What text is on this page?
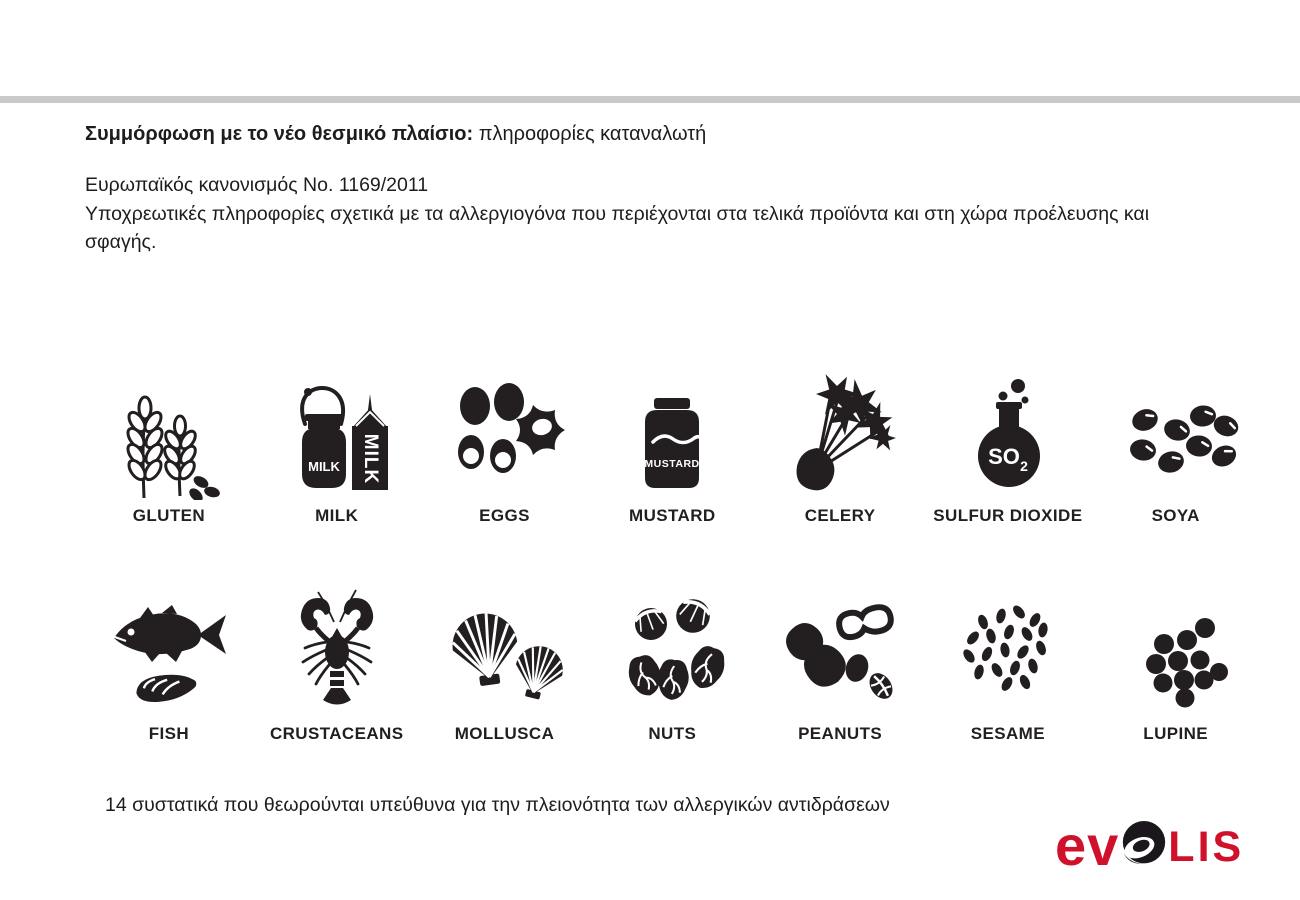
Συμμόρφωση με το νέο θεσμικό πλαίσιο: πληροφορίες καταναλωτή
Ευρωπαϊκός κανονισμός No. 1169/2011
Υποχρεωτικές πληροφορίες σχετικά με τα αλλεργιογόνα που περιέχονται στα τελικά προϊόντα και στη χώρα προέλευσης και σφαγής.
GLUTEN
MILK MILK
MILK	EGGS
MUSTARD
MUSTARD	CELERY
SO 2
SULFUR DIOXIDE	SOYA
FISH	CRUSTACEANS	MOLLUSCA	NUTS	PEANUTS	SESAME	LUPINE
14 συστατικά που θεωρούνται υπεύθυνα για την πλειονότητα των αλλεργικών αντιδράσεων
ev LIS
